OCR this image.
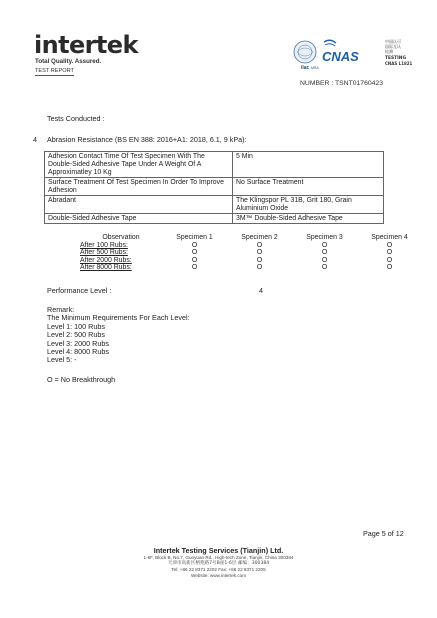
intertek
Total Quality. Assured.
TEST REPORT	ilac MRA
CNAS
中国认可
国际互认
检测
TESTING
CNAS L1821
NUMBER : TSNT01760423
Tests Conducted :
4 Abrasion Resistance (BS EN 388: 2016+A1: 2018, 6.1, 9 kPa):
Adhesion Contact Time Of Test Specimen With The Double-Sided Adhesive Tape Under A Weight Of A Approximatley 10 Kg	5 Min
Surface Treatment Of Test Specimen In Order To Improve Adhesion	No Surface Treatment
Abradant	The Klingspor PL 31B, Grit 180, Grain Aluminium Oxide
Double-Sided Adhesive Tape	3M™ Double-Sided Adhesive Tape
Observation	Specimen 1	Specimen 2	Specimen 3	Specimen 4
After 100 Rubs:	O	O	O	O
After 500 Rubs:	O	O	O	O
After 2000 Rubs:	O	O	O	O
After 8000 Rubs:	O	O	O	O
Performance Level :	4
Remark:
The Minimum Requirements For Each Level:
Level 1: 100 Rubs
Level 2: 500 Rubs
Level 3: 2000 Rubs
Level 4: 8000 Rubs
Level 5: -
O = No Breakthrough
Page 5 of 12
Intertek Testing Services (Tianjin) Ltd.
1-6F, Block B, No.7, Guoyuan Rd., High-tech Zone, Tianjin, China 300384
天津市高新区榕苑路7号B座1-6层 邮编：300384
Tel: +86 22 8371 2202 Fax: +86 22 8371 2205
Website: www.intertek.com
